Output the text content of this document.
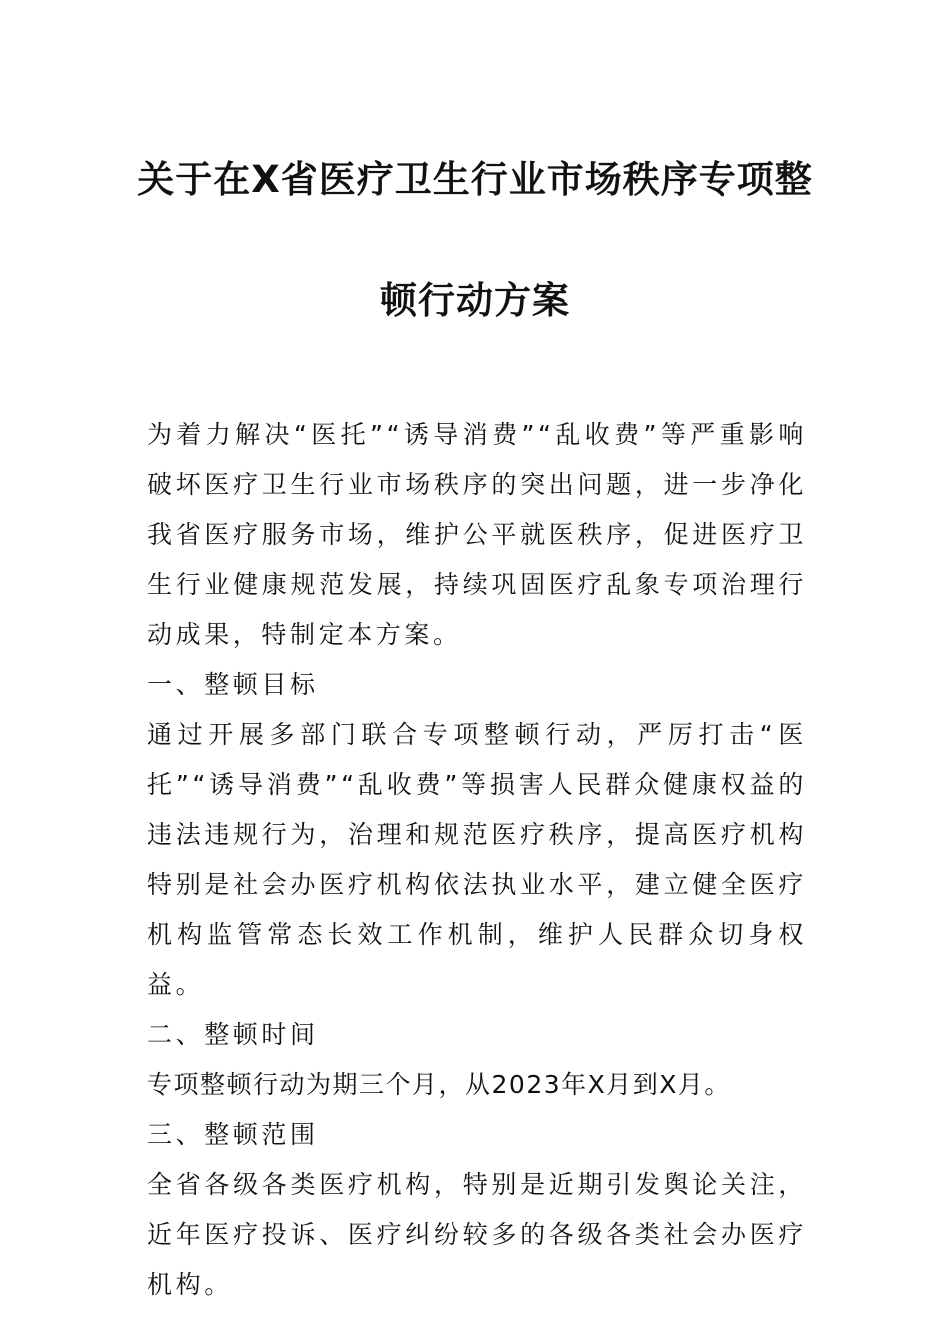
关于在X省医疗卫生行业市场秩序专项整
顿行动方案

为着力解决“医托”“诱导消费”“乱收费”等严重影响破坏医疗卫生行业市场秩序的突出问题，进一步净化我省医疗服务市场，维护公平就医秩序，促进医疗卫生行业健康规范发展，持续巩固医疗乱象专项治理行动成果，特制定本方案。

一、整顿目标

通过开展多部门联合专项整顿行动，严厉打击“医托”“诱导消费”“乱收费”等损害人民群众健康权益的违法违规行为，治理和规范医疗秩序，提高医疗机构特别是社会办医疗机构依法执业水平，建立健全医疗机构监管常态长效工作机制，维护人民群众切身权益。

二、整顿时间

专项整顿行动为期三个月，从2023年X月到X月。

三、整顿范围

全省各级各类医疗机构，特别是近期引发舆论关注，近年医疗投诉、医疗纠纷较多的各级各类社会办医疗机构。
